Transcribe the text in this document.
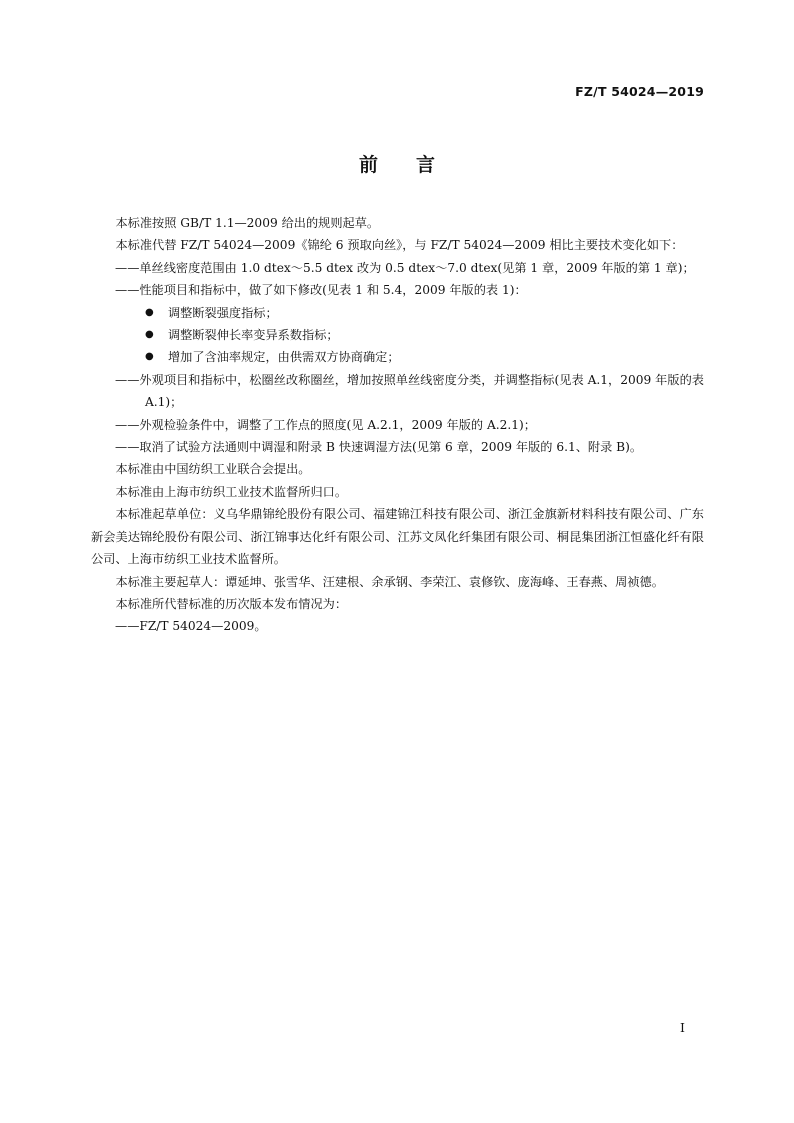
FZ/T 54024—2019
前言

本标准按照 GB/T 1.1—2009 给出的规则起草。

本标准代替 FZ/T 54024—2009《锦纶 6 预取向丝》，与 FZ/T 54024—2009 相比主要技术变化如下：

——单丝线密度范围由 1.0 dtex～5.5 dtex 改为 0.5 dtex～7.0 dtex(见第 1 章，2009 年版的第 1 章)；

——性能项目和指标中，做了如下修改(见表 1 和 5.4，2009 年版的表 1)：

● 调整断裂强度指标；

● 调整断裂伸长率变异系数指标；

● 增加了含油率规定，由供需双方协商确定；

——外观项目和指标中，松圈丝改称圈丝，增加按照单丝线密度分类，并调整指标(见表 A.1，2009 年版的表 A.1)；

——外观检验条件中，调整了工作点的照度(见 A.2.1，2009 年版的 A.2.1)；

——取消了试验方法通则中调湿和附录 B 快速调湿方法(见第 6 章，2009 年版的 6.1、附录 B)。

本标准由中国纺织工业联合会提出。

本标准由上海市纺织工业技术监督所归口。

本标准起草单位：义乌华鼎锦纶股份有限公司、福建锦江科技有限公司、浙江金旗新材料科技有限公司、广东新会美达锦纶股份有限公司、浙江锦事达化纤有限公司、江苏文凤化纤集团有限公司、桐昆集团浙江恒盛化纤有限公司、上海市纺织工业技术监督所。

本标准主要起草人：谭延坤、张雪华、汪建根、余承钢、李荣江、袁修钦、庞海峰、王春燕、周祯德。

本标准所代替标准的历次版本发布情况为：

——FZ/T 54024—2009。

I
